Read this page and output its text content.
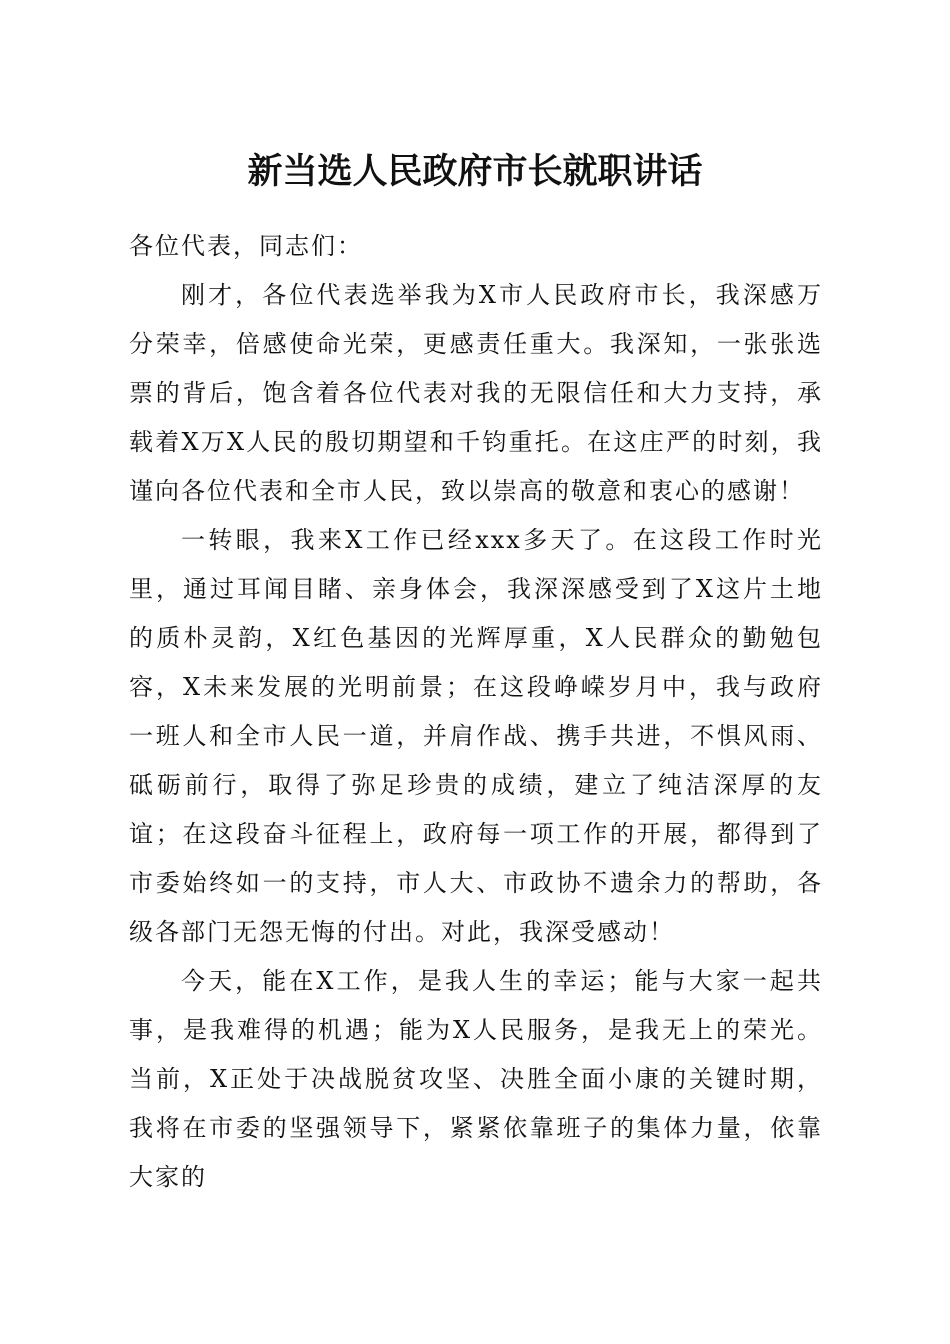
新当选人民政府市长就职讲话

各位代表，同志们：

刚才，各位代表选举我为X市人民政府市长，我深感万分荣幸，倍感使命光荣，更感责任重大。我深知，一张张选票的背后，饱含着各位代表对我的无限信任和大力支持，承载着X万X人民的殷切期望和千钧重托。在这庄严的时刻，我谨向各位代表和全市人民，致以崇高的敬意和衷心的感谢！

一转眼，我来X工作已经xxx多天了。在这段工作时光里，通过耳闻目睹、亲身体会，我深深感受到了X这片土地的质朴灵韵，X红色基因的光辉厚重，X人民群众的勤勉包容，X未来发展的光明前景；在这段峥嵘岁月中，我与政府一班人和全市人民一道，并肩作战、携手共进，不惧风雨、砥砺前行，取得了弥足珍贵的成绩，建立了纯洁深厚的友谊；在这段奋斗征程上，政府每一项工作的开展，都得到了市委始终如一的支持，市人大、市政协不遗余力的帮助，各级各部门无怨无悔的付出。对此，我深受感动！

今天，能在X工作，是我人生的幸运；能与大家一起共事，是我难得的机遇；能为X人民服务，是我无上的荣光。当前，X正处于决战脱贫攻坚、决胜全面小康的关键时期，我将在市委的坚强领导下，紧紧依靠班子的集体力量，依靠大家的
